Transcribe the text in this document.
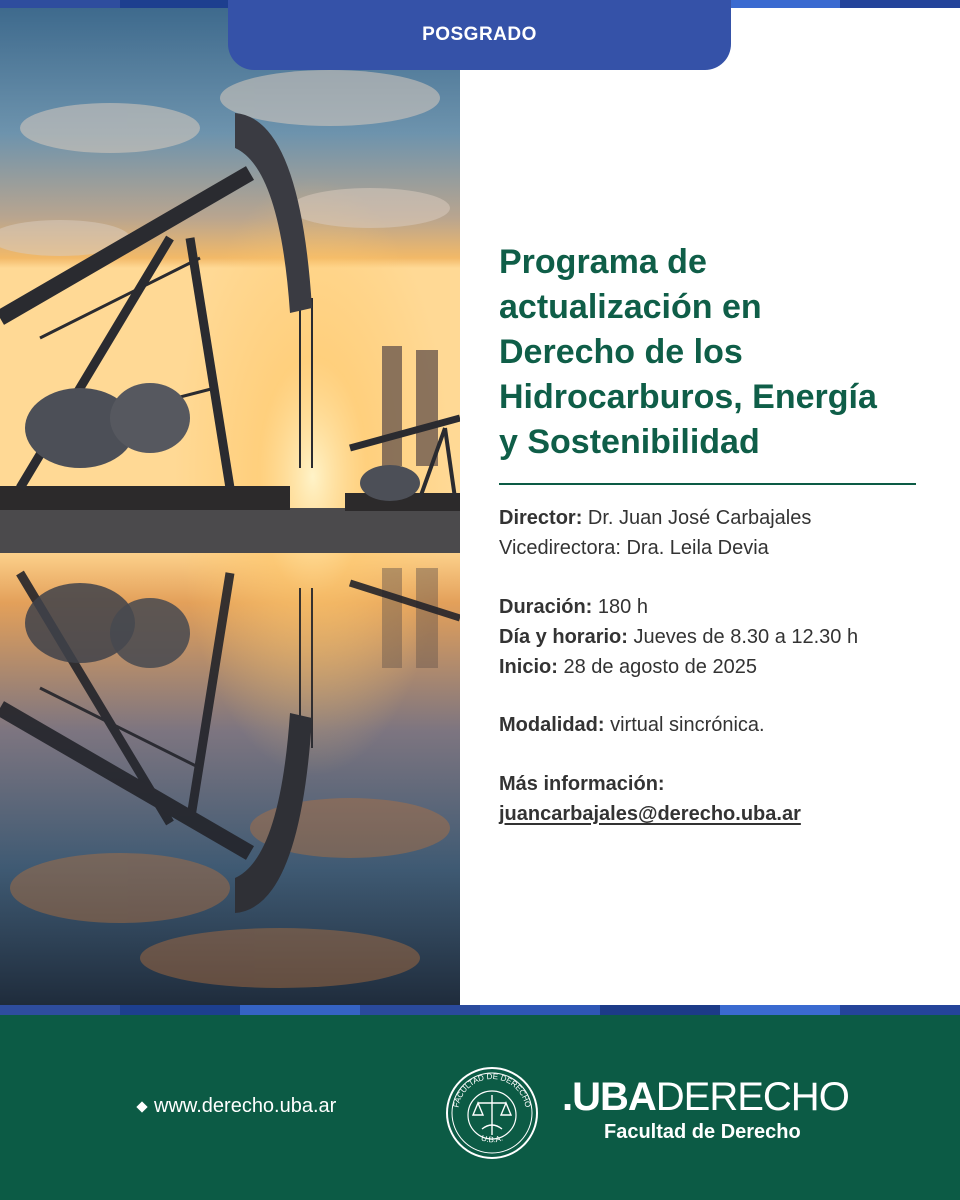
POSGRADO
Programa de
actualización en
Derecho de los
Hidrocarburos, Energía
y Sostenibilidad
Director: Dr. Juan José Carbajales
Vicedirectora: Dra. Leila Devia
Duración: 180 h
Día y horario: Jueves de 8.30 a 12.30 h
Inicio: 28 de agosto de 2025
Modalidad: virtual sincrónica.
Más información:
juancarbajales@derecho.uba.ar
www.derecho.uba.ar	FACULTAD DE DERECHO
U.B.A.
.UBADERECHO
Facultad de Derecho
